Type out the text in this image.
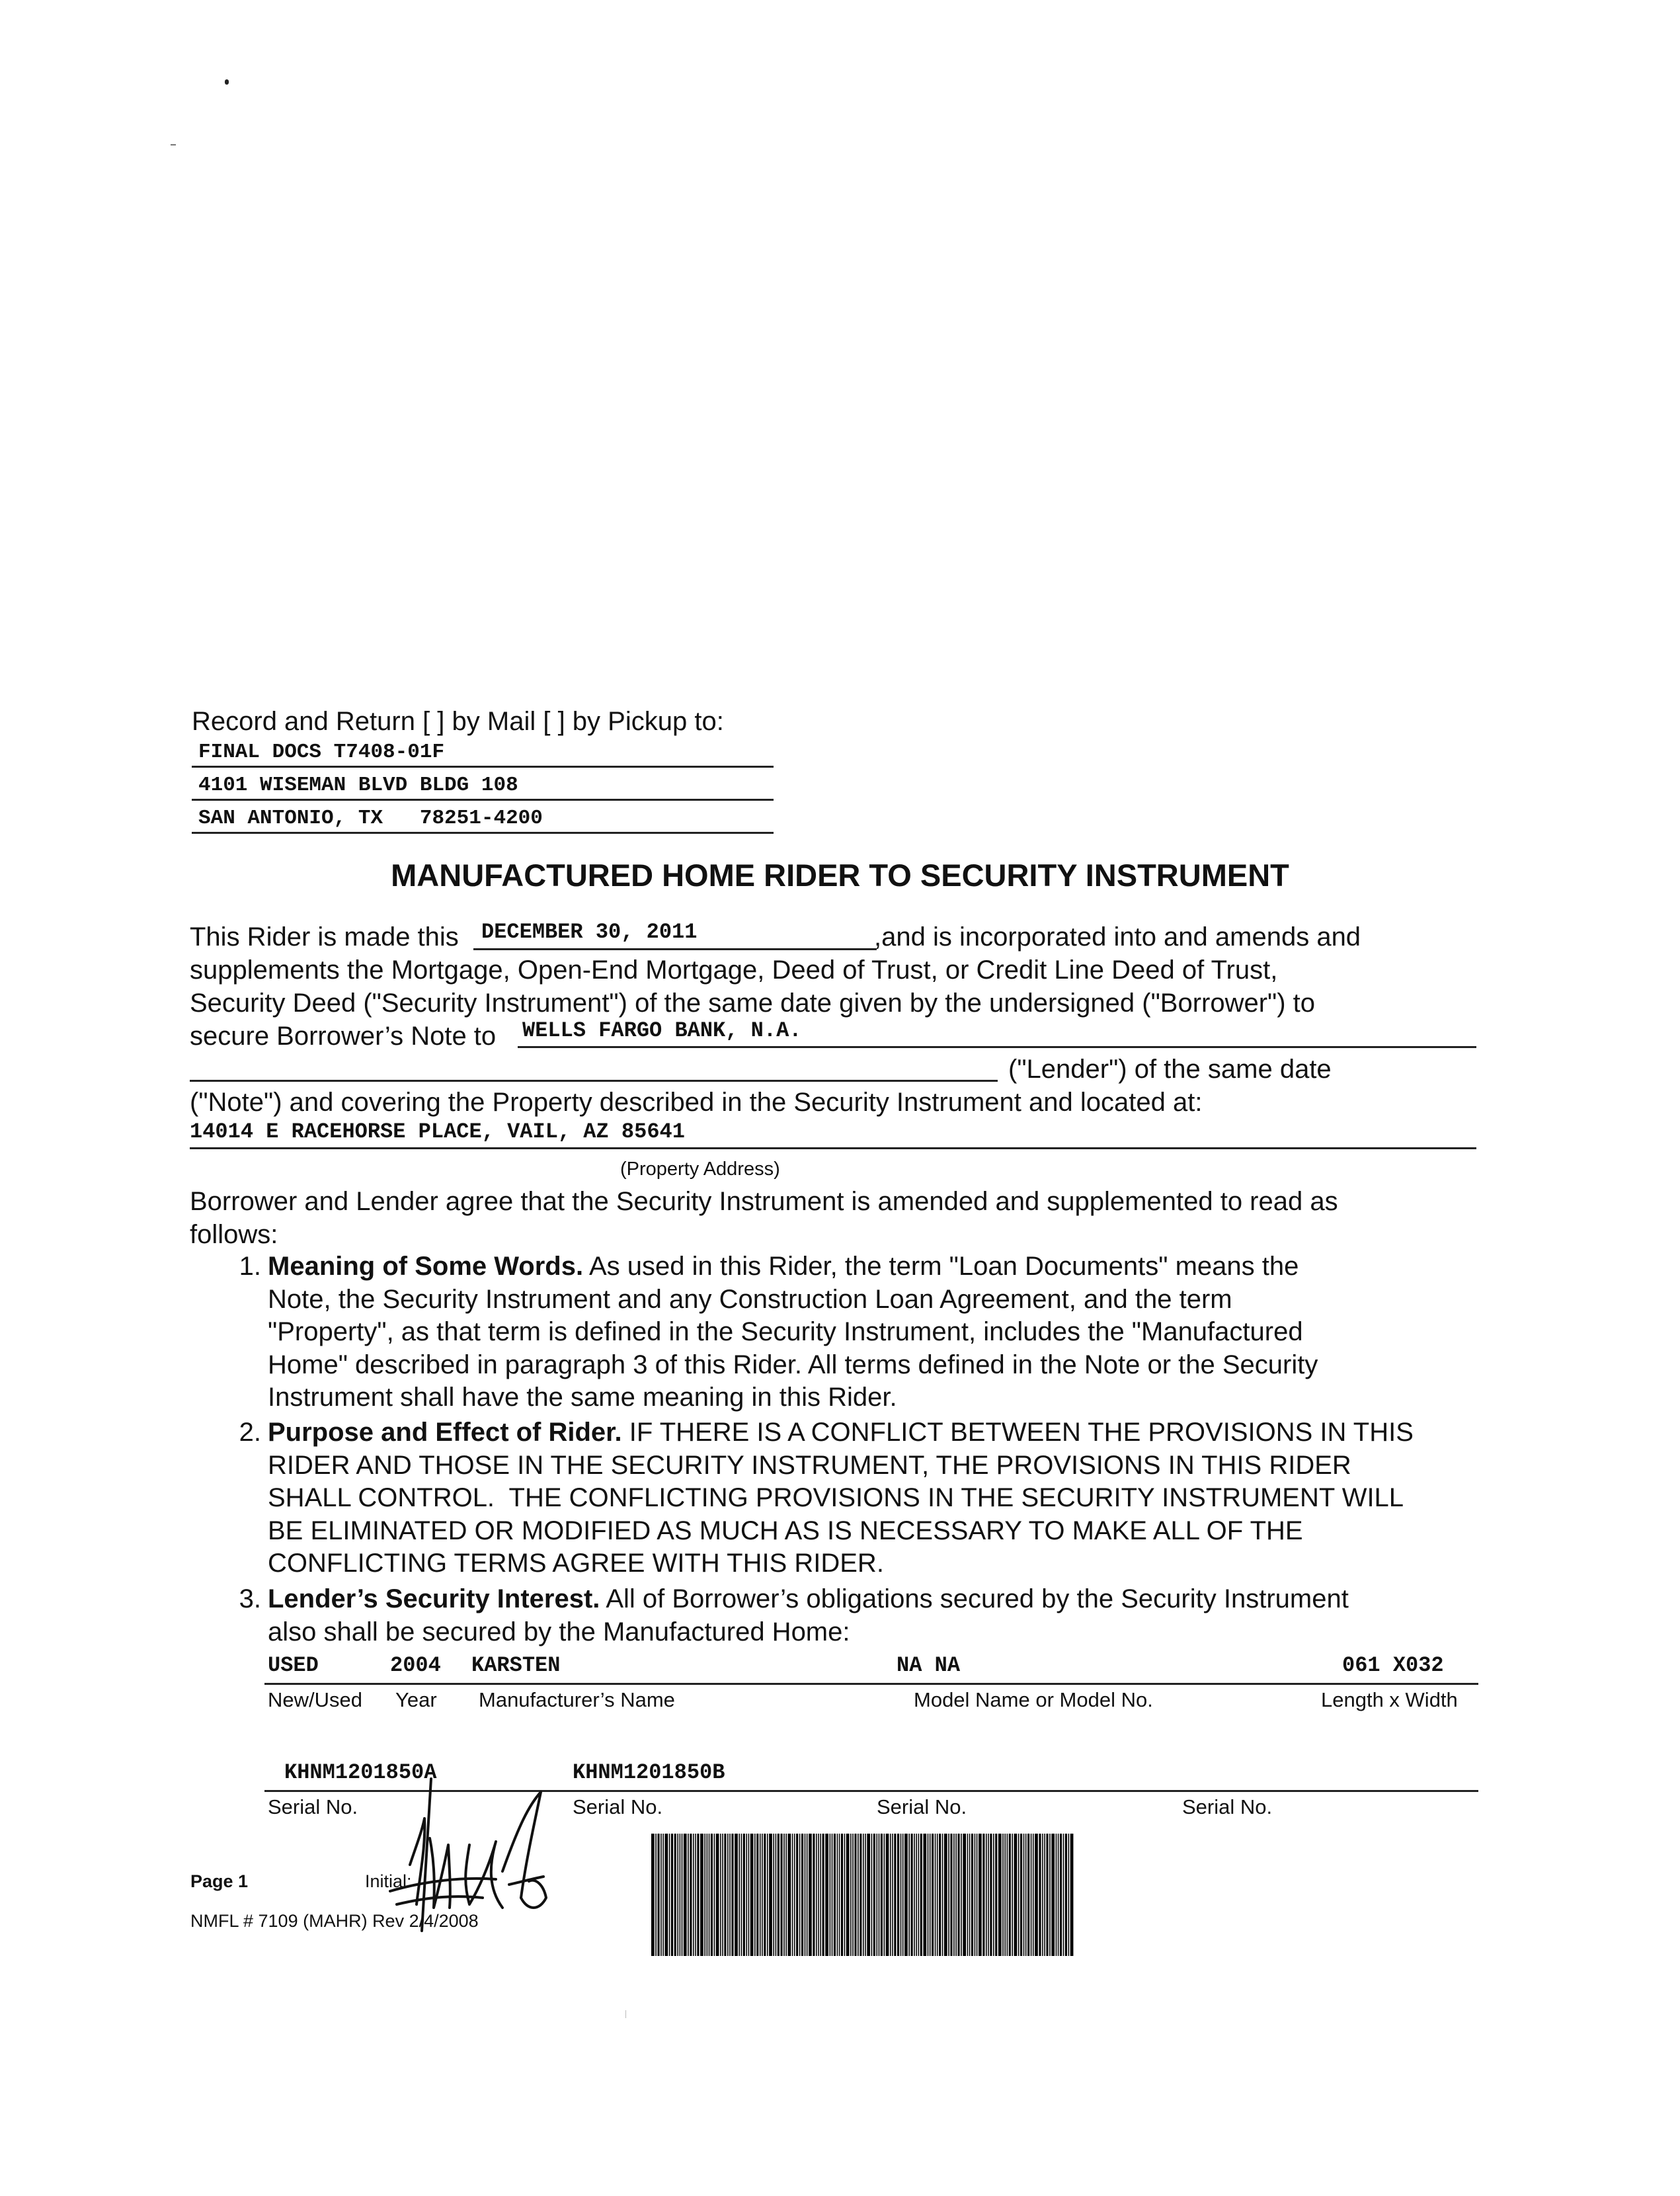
Record and Return [ ] by Mail [ ] by Pickup to:
FINAL DOCS T7408-01F
4101 WISEMAN BLVD BLDG 108
SAN ANTONIO, TX   78251-4200
MANUFACTURED HOME RIDER TO SECURITY INSTRUMENT
This Rider is made this DECEMBER 30, 2011	,and is incorporated into and amends and
supplements the Mortgage, Open-End Mortgage, Deed of Trust, or Credit Line Deed of Trust,
Security Deed ("Security Instrument") of the same date given by the undersigned ("Borrower") to
secure Borrower’s Note to WELLS FARGO BANK, N.A.
("Lender") of the same date
("Note") and covering the Property described in the Security Instrument and located at:
14014 E RACEHORSE PLACE, VAIL, AZ 85641
(Property Address)
Borrower and Lender agree that the Security Instrument is amended and supplemented to read as
follows:
1. Meaning of Some Words. As used in this Rider, the term "Loan Documents" means the
Note, the Security Instrument and any Construction Loan Agreement, and the term
"Property", as that term is defined in the Security Instrument, includes the "Manufactured
Home" described in paragraph 3 of this Rider. All terms defined in the Note or the Security
Instrument shall have the same meaning in this Rider.
2. Purpose and Effect of Rider. IF THERE IS A CONFLICT BETWEEN THE PROVISIONS IN THIS
RIDER AND THOSE IN THE SECURITY INSTRUMENT, THE PROVISIONS IN THIS RIDER
SHALL CONTROL.  THE CONFLICTING PROVISIONS IN THE SECURITY INSTRUMENT WILL
BE ELIMINATED OR MODIFIED AS MUCH AS IS NECESSARY TO MAKE ALL OF THE
CONFLICTING TERMS AGREE WITH THIS RIDER.
3. Lender’s Security Interest. All of Borrower’s obligations secured by the Security Instrument
also shall be secured by the Manufactured Home:
USED	2004 KARSTEN	NA NA	061 X032
New/Used Year Manufacturer’s Name	Model Name or Model No.	Length x Width
KHNM1201850A	KHNM1201850B
Serial No.	Serial No.	Serial No.	Serial No.
Page 1	Initial:
NMFL # 7109 (MAHR) Rev 2/4/2008
